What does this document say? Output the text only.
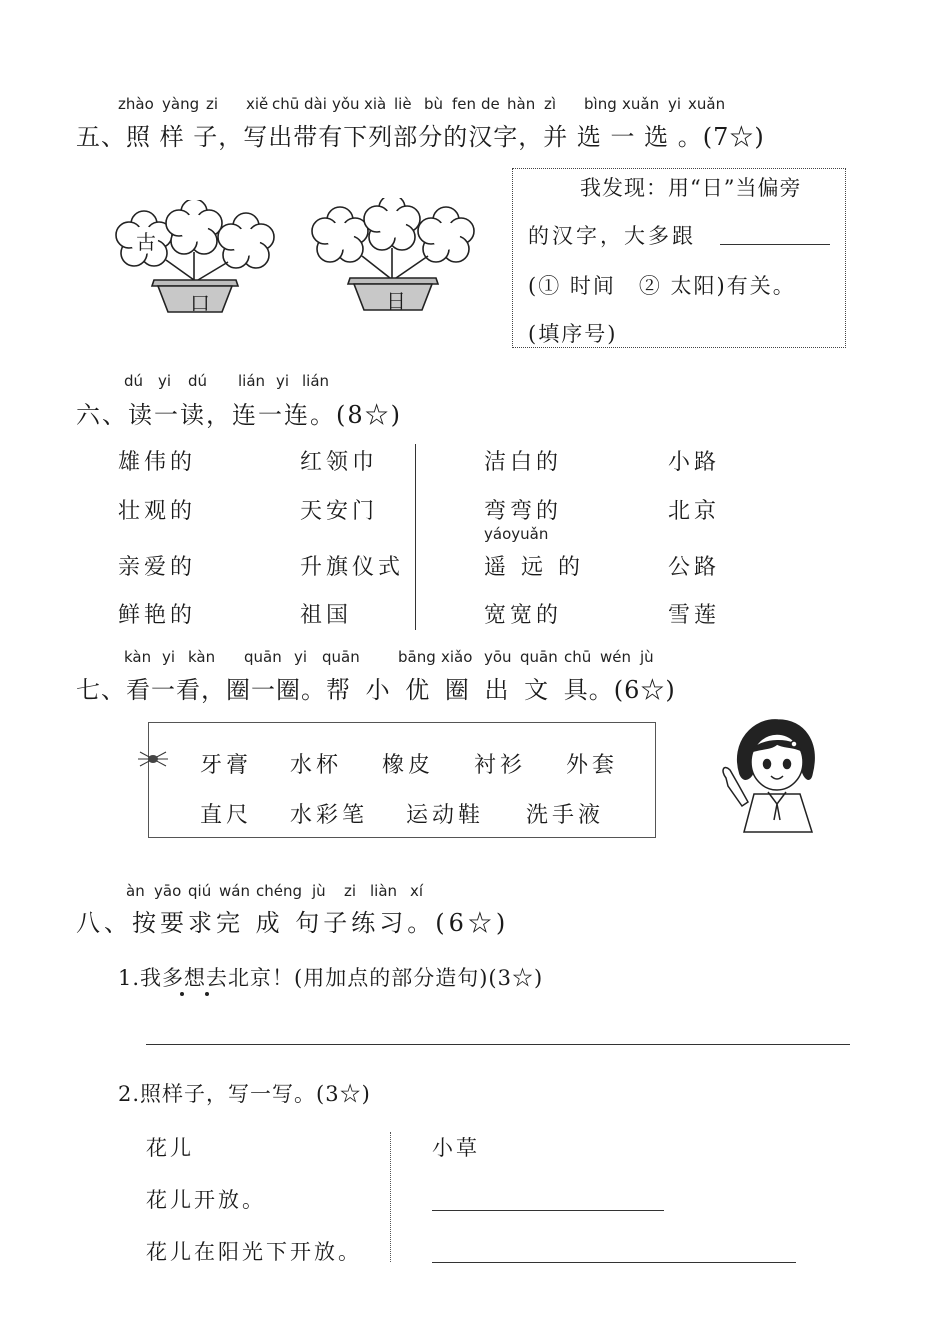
zhào yàng zi xiě chū dài yǒu xià liè bù fen de hàn zì bìng xuǎn yi xuǎn
五、照 样 子，写出带有下列部分的汉字，并 选 一 选 。(7☆)
古
口	日
我发现：用“日”当偏旁
的汉字，大多跟
(① 时间　② 太阳)有关。
(填序号)
dú yi dú lián yi lián
六、读一读，连一连。(8☆)
雄伟的
壮观的
亲爱的
鲜艳的
红领巾
天安门
升旗仪式
祖国
洁白的
弯弯的
yáoyuǎn
遥 远 的
宽宽的
小路
北京
公路
雪莲
kàn yi kàn quān yi quān	bāng xiǎo yōu quān chū wén jù
七、看一看，圈一圈。帮 小 优 圈 出 文 具。(6☆)
牙膏 水杯 橡皮 衬衫 外套
直尺 水彩笔 运动鞋 洗手液
àn yāo qiú wán chéng jù zi liàn xí
八、按要求完 成 句子练习。(6☆)
1.我多想去北京！(用加点的部分造句)(3☆)
2.照样子，写一写。(3☆)
花儿
花儿开放。
花儿在阳光下开放。
小草
